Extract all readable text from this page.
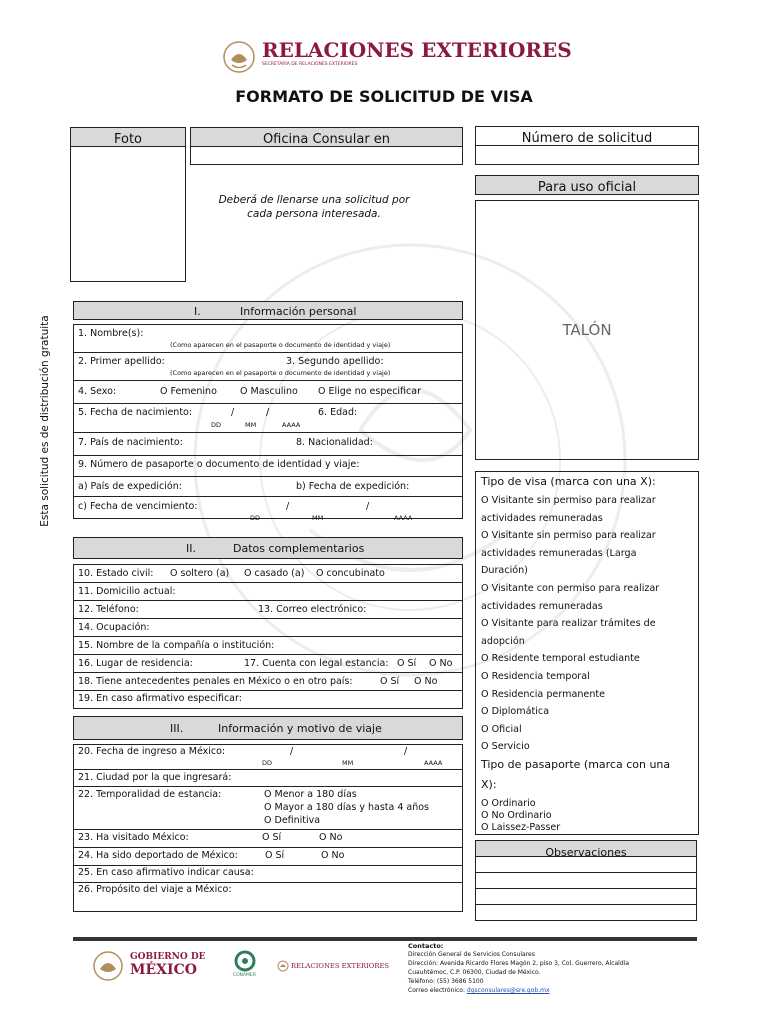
RELACIONES EXTERIORES
SECRETARÍA DE RELACIONES EXTERIORES
FORMATO DE SOLICITUD DE VISA
Foto	Oficina Consular en
Deberá de llenarse una solicitud por
cada persona interesada.
Número de solicitud
Para uso oficial
TALÓN
Esta solicitud es de distribución gratuita
I.	Información personal
1. Nombre(s):
(Como aparecen en el pasaporte o documento de identidad y viaje)
2. Primer apellido:	3. Segundo apellido:
(Como aparecen en el pasaporte o documento de identidad y viaje)
4. Sexo:	O Femenino O Masculino O Elige no especificar
5. Fecha de nacimiento:	/	/	6. Edad:
DD	MM	AAAA
7. País de nacimiento:	8. Nacionalidad:
9. Número de pasaporte o documento de identidad y viaje:
a) País de expedición:	b) Fecha de expedición:
c) Fecha de vencimiento:	/	/
DD	MM	AAAA
II.	Datos complementarios
10. Estado civil: O soltero (a) O casado (a) O concubinato
11. Domicilio actual:
12. Teléfono:	13. Correo electrónico:
14. Ocupación:
15. Nombre de la compañía o institución:
16. Lugar de residencia:	17. Cuenta con legal estancia: O Sí O No
18. Tiene antecedentes penales en México o en otro país:	O Sí O No
19. En caso afirmativo especificar:
III.	Información y motivo de viaje
20. Fecha de ingreso a México:	/	/
DD	MM	AAAA
21. Ciudad por la que ingresará:
22. Temporalidad de estancia:	O Menor a 180 días
O Mayor a 180 días y hasta 4 años
O Definitiva
23. Ha visitado México:	O Sí	O No
24. Ha sido deportado de México:	O Sí	O No
25. En caso afirmativo indicar causa:
26. Propósito del viaje a México:
Tipo de visa (marca con una X):
O Visitante sin permiso para realizar
actividades remuneradas
O Visitante sin permiso para realizar
actividades remuneradas (Larga
Duración)
O Visitante con permiso para realizar
actividades remuneradas
O Visitante para realizar trámites de
adopción
O Residente temporal estudiante
O Residencia temporal
O Residencia permanente
O Diplomática
O Oficial
O Servicio
Tipo de pasaporte (marca con una
X):
O Ordinario
O No Ordinario
O Laissez-Passer
Observaciones
GOBIERNO DE
MÉXICO	CONAMER
RELACIONES EXTERIORES
Contacto:
Dirección General de Servicios Consulares
Dirección: Avenida Ricardo Flores Magón 2, piso 3, Col. Guerrero, Alcaldía
Cuauhtémoc, C.P. 06300, Ciudad de México.
Teléfono: (55) 3686 5100
Correo electrónico: dgsconsulares@sre.gob.mx
